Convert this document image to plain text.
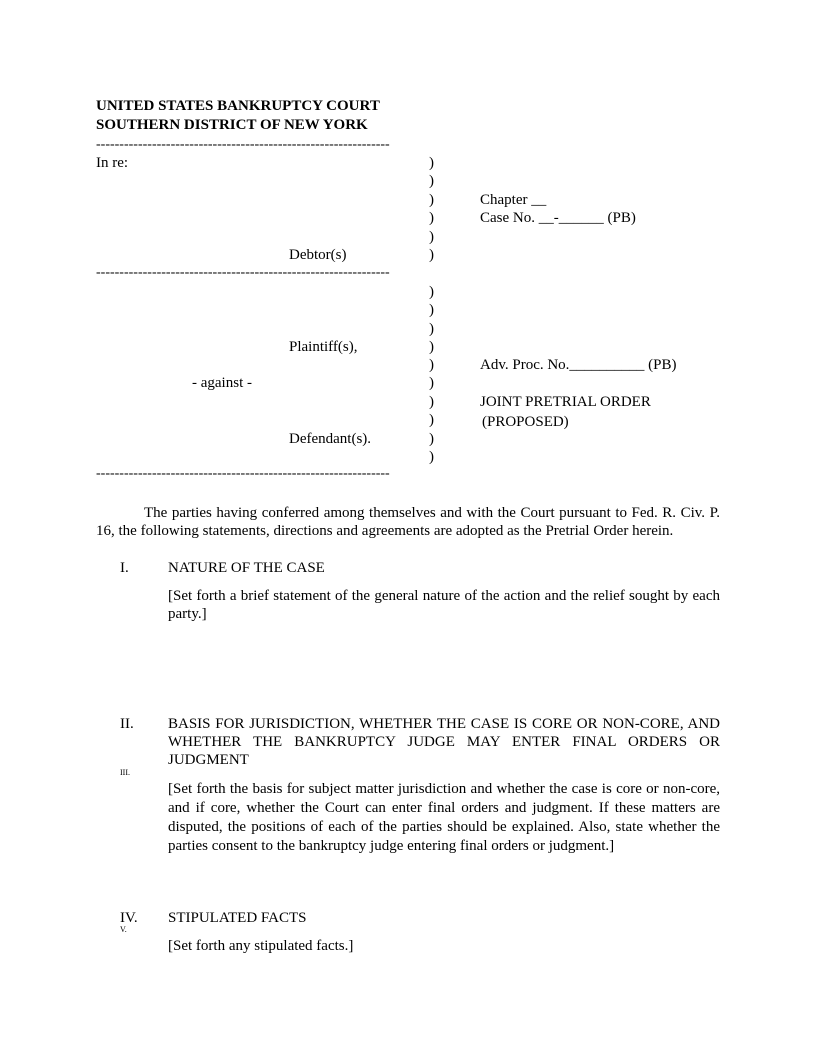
UNITED STATES BANKRUPTCY COURT
SOUTHERN DISTRICT OF NEW YORK
---------------------------------------------------------------
---------------------------------------------------------------
---------------------------------------------------------------
In re:
Debtor(s)
Plaintiff(s),
- against -
Defendant(s).
)
)
)
)
)
)
)
)
)
)
)
)
)
)
)
)
Chapter __
Case No. __-______ (PB)
Adv. Proc. No.__________ (PB)
JOINT PRETRIAL ORDER
(PROPOSED)
The parties having conferred among themselves and with the Court pursuant to Fed. R. Civ. P. 16, the following statements, directions and agreements are adopted as the Pretrial Order herein.
I.	NATURE OF THE CASE
[Set forth a brief statement of the general nature of the action and the relief sought by each party.]
II. BASIS FOR JURISDICTION, WHETHER THE CASE IS CORE OR NON-CORE, AND WHETHER THE BANKRUPTCY JUDGE MAY ENTER FINAL ORDERS OR JUDGMENT
III.
[Set forth the basis for subject matter jurisdiction and whether the case is core or non-core, and if core, whether the Court can enter final orders and judgment. If these matters are disputed, the positions of each of the parties should be explained. Also, state whether the parties consent to the bankruptcy judge entering final orders or judgment.]
IV. STIPULATED FACTS
V.
[Set forth any stipulated facts.]
